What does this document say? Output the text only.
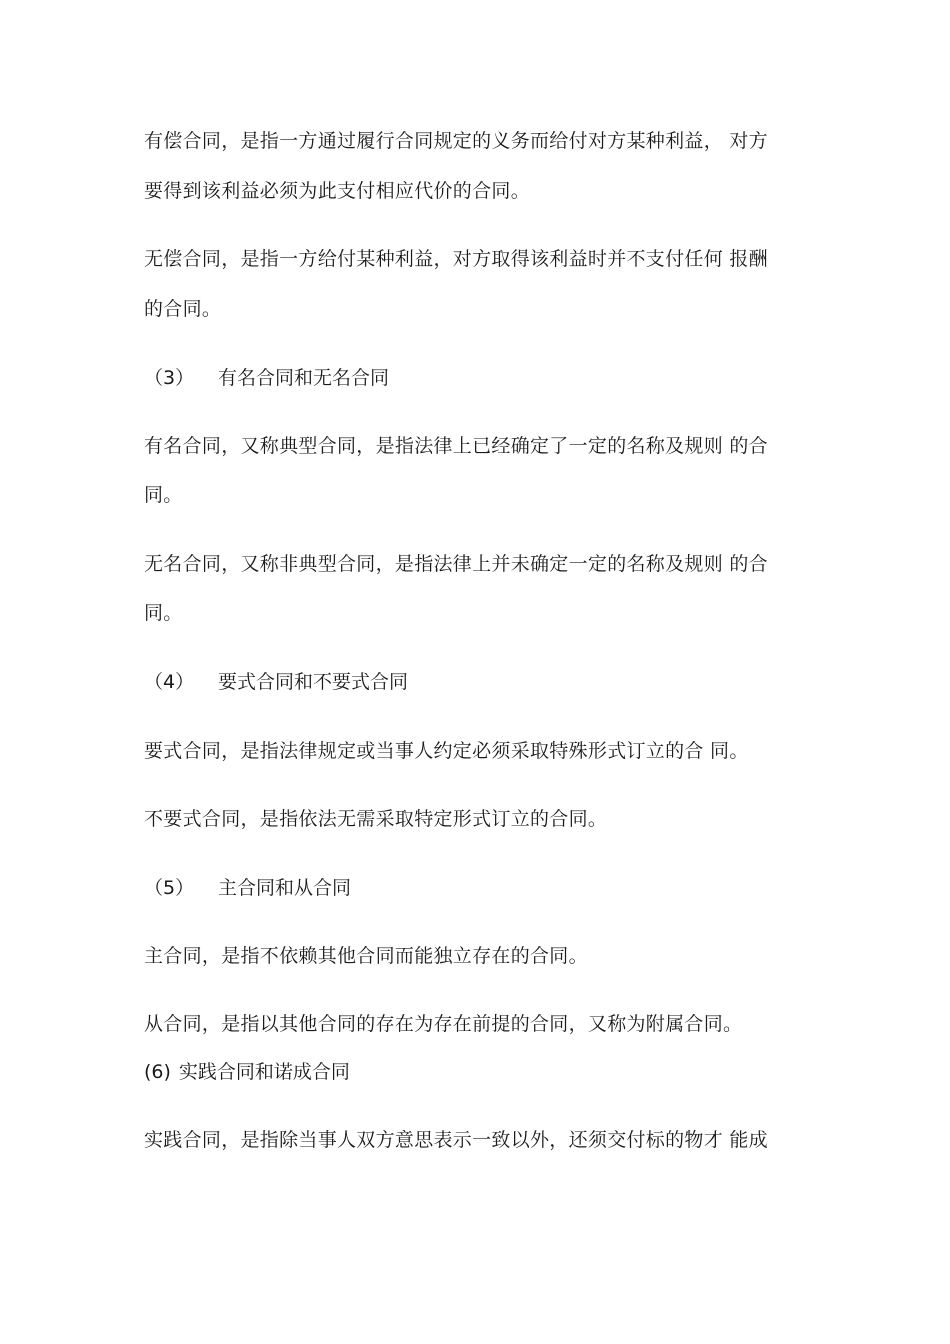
有偿合同，是指一方通过履行合同规定的义务而给付对方某种利益， 对方
要得到该利益必须为此支付相应代价的合同。
无偿合同，是指一方给付某种利益，对方取得该利益时并不支付任何 报酬
的合同。
（3） 有名合同和无名合同
有名合同，又称典型合同，是指法律上已经确定了一定的名称及规则 的合
同。
无名合同，又称非典型合同，是指法律上并未确定一定的名称及规则 的合
同。
（4） 要式合同和不要式合同
要式合同，是指法律规定或当事人约定必须采取特殊形式订立的合 同。
不要式合同，是指依法无需采取特定形式订立的合同。
（5） 主合同和从合同
主合同，是指不依赖其他合同而能独立存在的合同。
从合同，是指以其他合同的存在为存在前提的合同，又称为附属合同。
(6) 实践合同和诺成合同
实践合同，是指除当事人双方意思表示一致以外，还须交付标的物才 能成
